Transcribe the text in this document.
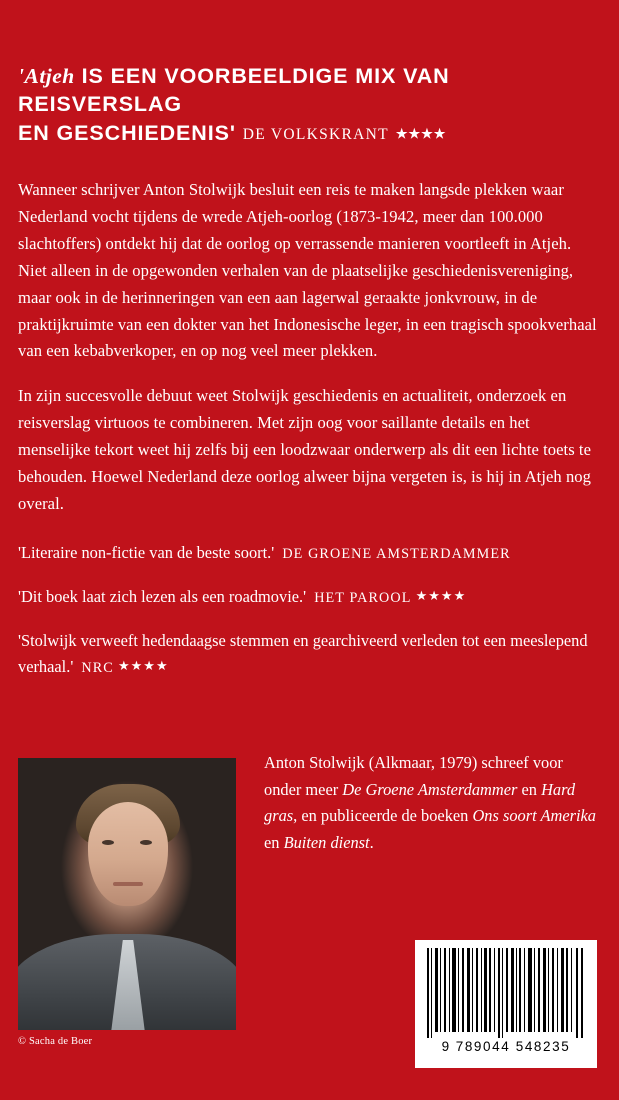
'Atjeh IS EEN VOORBEELDIGE MIX VAN REISVERSLAG
EN GESCHIEDENIS' DE VOLKSKRANT ★★★★

Wanneer schrijver Anton Stolwijk besluit een reis te maken langsde plekken waar Nederland vocht tijdens de wrede Atjeh-oorlog (1873-1942, meer dan 100.000 slachtoffers) ontdekt hij dat de oorlog op verrassende manieren voortleeft in Atjeh. Niet alleen in de opgewonden verhalen van de plaatselijke geschiedenisvereniging, maar ook in de herinneringen van een aan lagerwal geraakte jonkvrouw, in de praktijkruimte van een dokter van het Indonesische leger, in een tragisch spookverhaal van een kebabverkoper, en op nog veel meer plekken.

In zijn succesvolle debuut weet Stolwijk geschiedenis en actualiteit, onderzoek en reisverslag virtuoos te combineren. Met zijn oog voor saillante details en het menselijke tekort weet hij zelfs bij een loodzwaar onderwerp als dit een lichte toets te behouden. Hoewel Nederland deze oorlog alweer bijna vergeten is, is hij in Atjeh nog overal.

'Literaire non-fictie van de beste soort.' DE GROENE AMSTERDAMMER
'Dit boek laat zich lezen als een roadmovie.' HET PAROOL ★★★★
'Stolwijk verweeft hedendaagse stemmen en gearchiveerd verleden tot een meeslepend verhaal.' NRC ★★★★
© Sacha de Boer
Anton Stolwijk (Alkmaar, 1979) schreef voor onder meer De Groene Amsterdammer en Hard gras, en publiceerde de boeken Ons soort Amerika en Buiten dienst.
9 789044 548235
